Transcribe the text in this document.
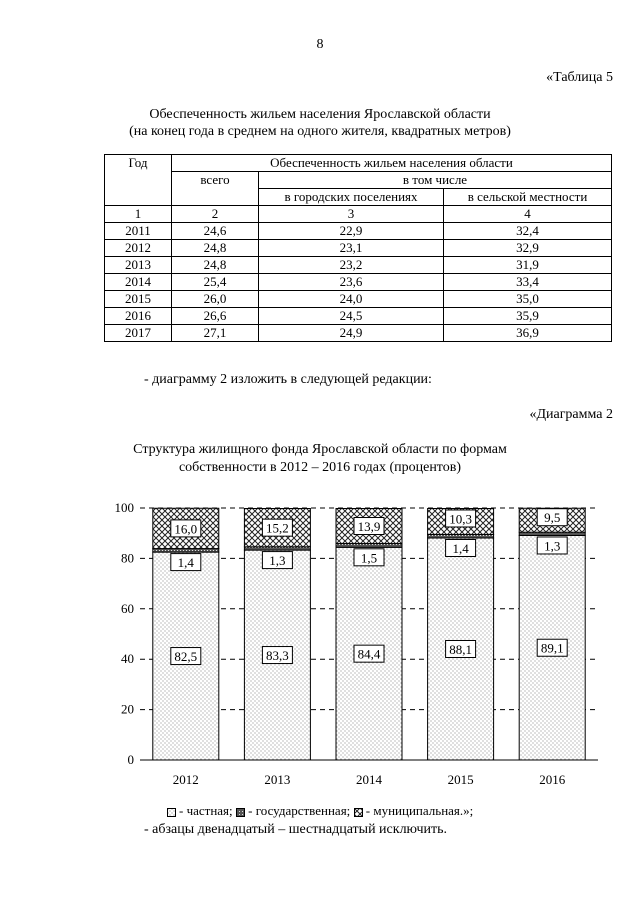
8
«Таблица 5
Обеспеченность жильем населения Ярославской области
(на конец года в среднем на одного жителя, квадратных метров)
Год	Обеспеченность жильем населения области		
	всего	в том числе	
		в городских поселениях	в сельской местности
1	2	3	4
2011	24,6	22,9	32,4
2012	24,8	23,1	32,9
2013	24,8	23,2	31,9
2014	25,4	23,6	33,4
2015	26,0	24,0	35,0
2016	26,6	24,5	35,9
2017	27,1	24,9	36,9
- диаграмму 2 изложить в следующей редакции:
«Диаграмма 2
Структура жилищного фонда Ярославской области по формам
собственности в 2012 – 2016 годах (процентов)
82,5
1,4
16,0
83,3
1,3
15,2
84,4
1,5
13,9
88,1
1,4
10,3
89,1
1,3
9,5
0
20
40
60
80
100
2012	2013	2014	2015	2016
- частная; - государственная; - муниципальная.»;
- абзацы двенадцатый – шестнадцатый исключить.
